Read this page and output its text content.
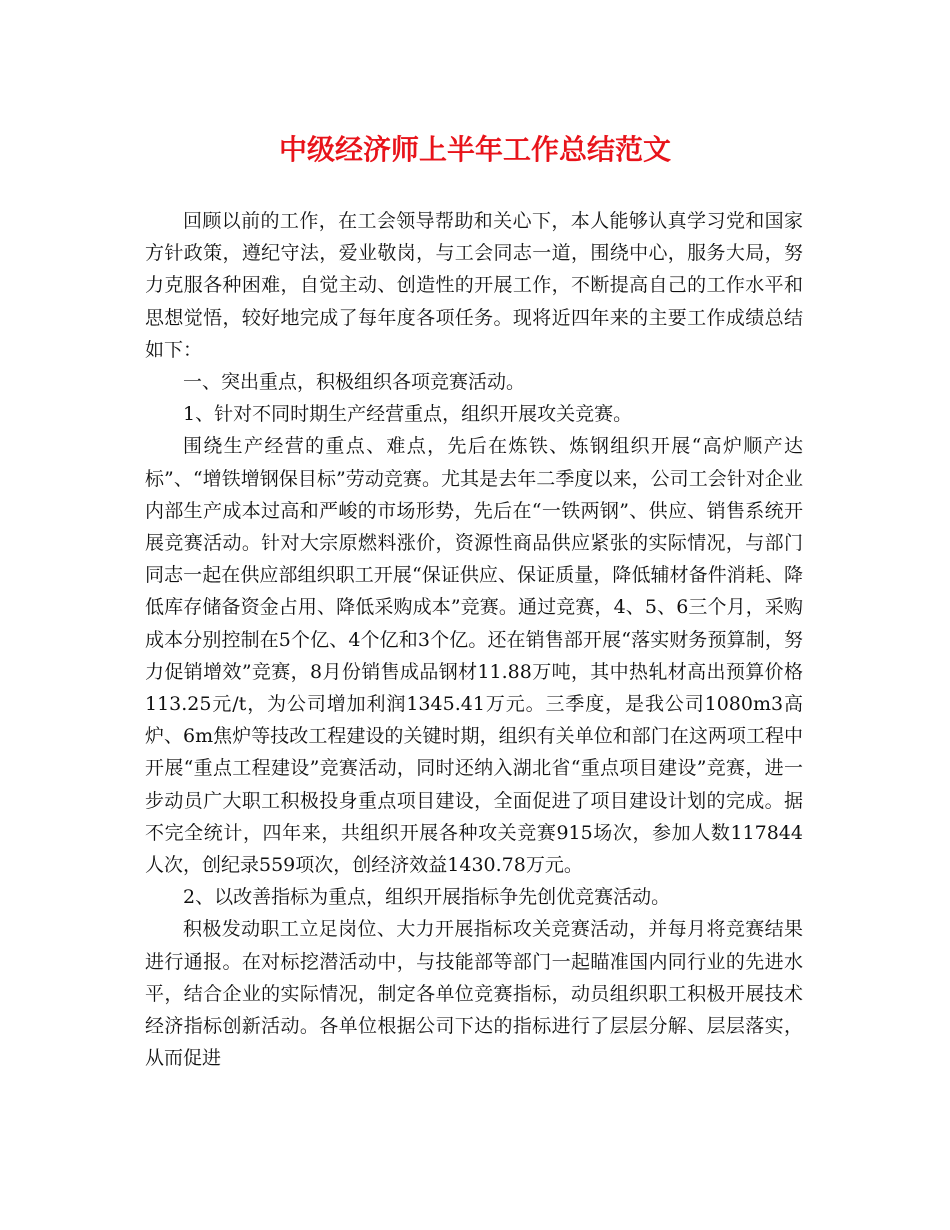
中级经济师上半年工作总结范文

回顾以前的工作，在工会领导帮助和关心下，本人能够认真学习党和国家方针政策，遵纪守法，爱业敬岗，与工会同志一道，围绕中心，服务大局，努力克服各种困难，自觉主动、创造性的开展工作，不断提高自己的工作水平和思想觉悟，较好地完成了每年度各项任务。现将近四年来的主要工作成绩总结如下：

一、突出重点，积极组织各项竞赛活动。

1、针对不同时期生产经营重点，组织开展攻关竞赛。

围绕生产经营的重点、难点，先后在炼铁、炼钢组织开展“高炉顺产达标”、“增铁增钢保目标”劳动竞赛。尤其是去年二季度以来，公司工会针对企业内部生产成本过高和严峻的市场形势，先后在“一铁两钢”、供应、销售系统开展竞赛活动。针对大宗原燃料涨价，资源性商品供应紧张的实际情况，与部门同志一起在供应部组织职工开展“保证供应、保证质量，降低辅材备件消耗、降低库存储备资金占用、降低采购成本”竞赛。通过竞赛，4、5、6三个月，采购成本分别控制在5个亿、4个亿和3个亿。还在销售部开展“落实财务预算制，努力促销增效”竞赛，8月份销售成品钢材11.88万吨，其中热轧材高出预算价格113.25元/t，为公司增加利润1345.41万元。三季度，是我公司1080m3高炉、6m焦炉等技改工程建设的关键时期，组织有关单位和部门在这两项工程中开展“重点工程建设”竞赛活动，同时还纳入湖北省“重点项目建设”竞赛，进一步动员广大职工积极投身重点项目建设，全面促进了项目建设计划的完成。据不完全统计，四年来，共组织开展各种攻关竞赛915场次，参加人数117844人次，创纪录559项次，创经济效益1430.78万元。

2、以改善指标为重点，组织开展指标争先创优竞赛活动。

积极发动职工立足岗位、大力开展指标攻关竞赛活动，并每月将竞赛结果进行通报。在对标挖潜活动中，与技能部等部门一起瞄准国内同行业的先进水平，结合企业的实际情况，制定各单位竞赛指标，动员组织职工积极开展技术经济指标创新活动。各单位根据公司下达的指标进行了层层分解、层层落实，从而促进
